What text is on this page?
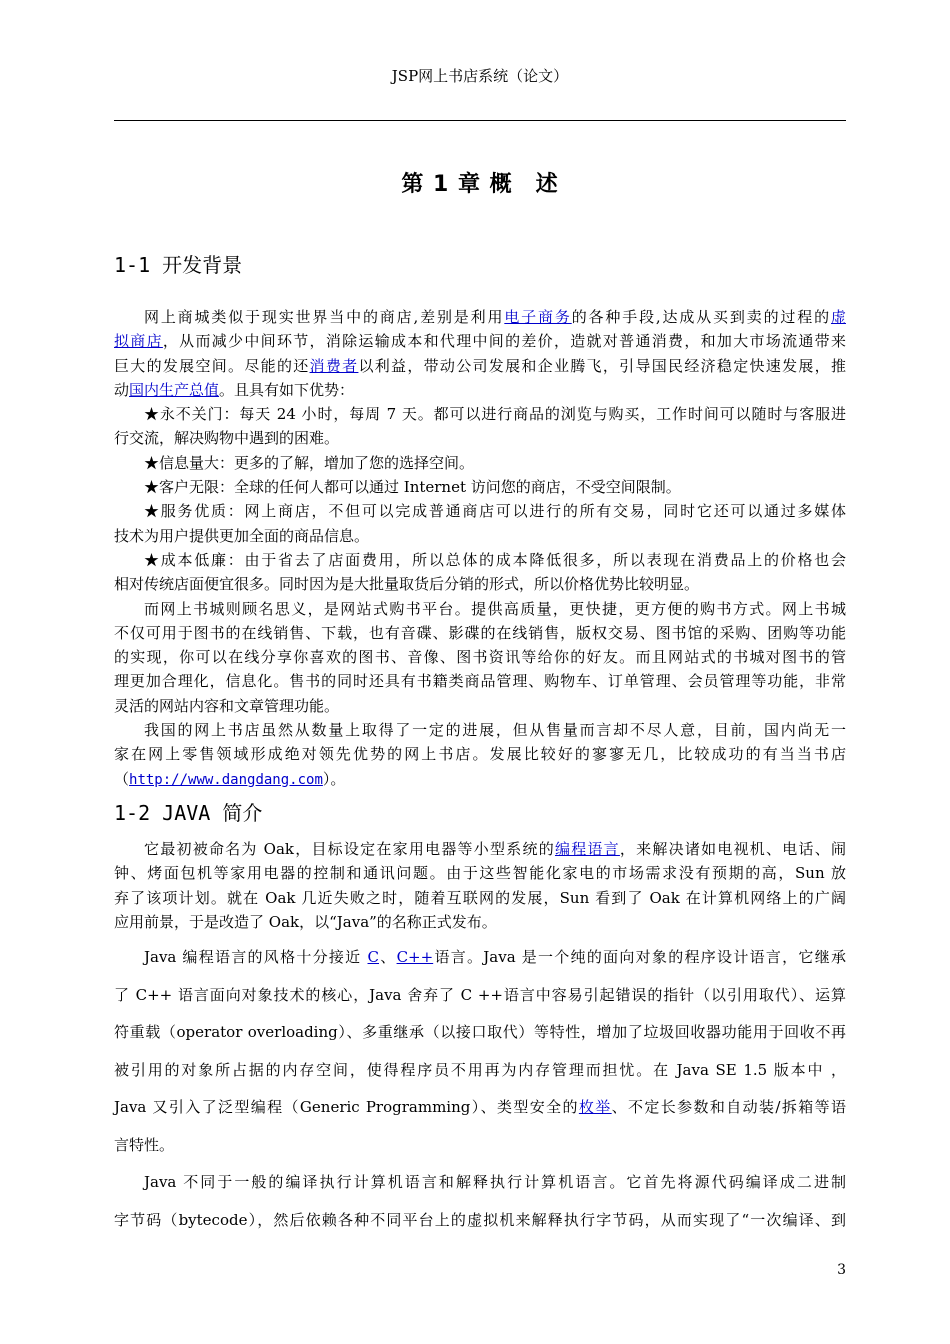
JSP网上书店系统（论文）
第 1 章 概　述
1-1 开发背景
网上商城类似于现实世界当中的商店,差别是利用电子商务的各种手段,达成从买到卖的过程的虚
拟商店，从而减少中间环节，消除运输成本和代理中间的差价，造就对普通消费，和加大市场流通带来
巨大的发展空间。尽能的还消费者以利益，带动公司发展和企业腾飞，引导国民经济稳定快速发展，推
动国内生产总值。且具有如下优势：
★永不关门：每天 24 小时，每周 7 天。都可以进行商品的浏览与购买，工作时间可以随时与客服进
行交流，解决购物中遇到的困难。
★信息量大：更多的了解，增加了您的选择空间。
★客户无限：全球的任何人都可以通过 Internet 访问您的商店，不受空间限制。
★服务优质：网上商店，不但可以完成普通商店可以进行的所有交易，同时它还可以通过多媒体
技术为用户提供更加全面的商品信息。
★成本低廉：由于省去了店面费用，所以总体的成本降低很多，所以表现在消费品上的价格也会
相对传统店面便宜很多。同时因为是大批量取货后分销的形式，所以价格优势比较明显。
而网上书城则顾名思义，是网站式购书平台。提供高质量，更快捷，更方便的购书方式。网上书城
不仅可用于图书的在线销售、下载，也有音碟、影碟的在线销售，版权交易、图书馆的采购、团购等功能
的实现，你可以在线分享你喜欢的图书、音像、图书资讯等给你的好友。而且网站式的书城对图书的管
理更加合理化，信息化。售书的同时还具有书籍类商品管理、购物车、订单管理、会员管理等功能，非常
灵活的网站内容和文章管理功能。
我国的网上书店虽然从数量上取得了一定的进展，但从售量而言却不尽人意，目前，国内尚无一
家在网上零售领域形成绝对领先优势的网上书店。发展比较好的寥寥无几，比较成功的有当当书店
（http://www.dangdang.com）。
1-2 JAVA 简介
它最初被命名为 Oak，目标设定在家用电器等小型系统的编程语言，来解决诸如电视机、电话、闹
钟、烤面包机等家用电器的控制和通讯问题。由于这些智能化家电的市场需求没有预期的高，Sun 放
弃了该项计划。就在 Oak 几近失败之时，随着互联网的发展，Sun 看到了 Oak 在计算机网络上的广阔
应用前景，于是改造了 Oak，以“Java”的名称正式发布。
Java 编程语言的风格十分接近 C、C++语言。Java 是一个纯的面向对象的程序设计语言，它继承
了 C++ 语言面向对象技术的核心，Java 舍弃了 C ++语言中容易引起错误的指针（以引用取代）、运算
符重载（operator overloading）、多重继承（以接口取代）等特性，增加了垃圾回收器功能用于回收不再
被引用的对象所占据的内存空间，使得程序员不用再为内存管理而担忧。在 Java SE 1.5 版本中 ，
Java 又引入了泛型编程（Generic Programming）、类型安全的枚举、不定长参数和自动装/拆箱等语
言特性。
Java 不同于一般的编译执行计算机语言和解释执行计算机语言。它首先将源代码编译成二进制
字节码（bytecode），然后依赖各种不同平台上的虚拟机来解释执行字节码，从而实现了“一次编译、到
3
